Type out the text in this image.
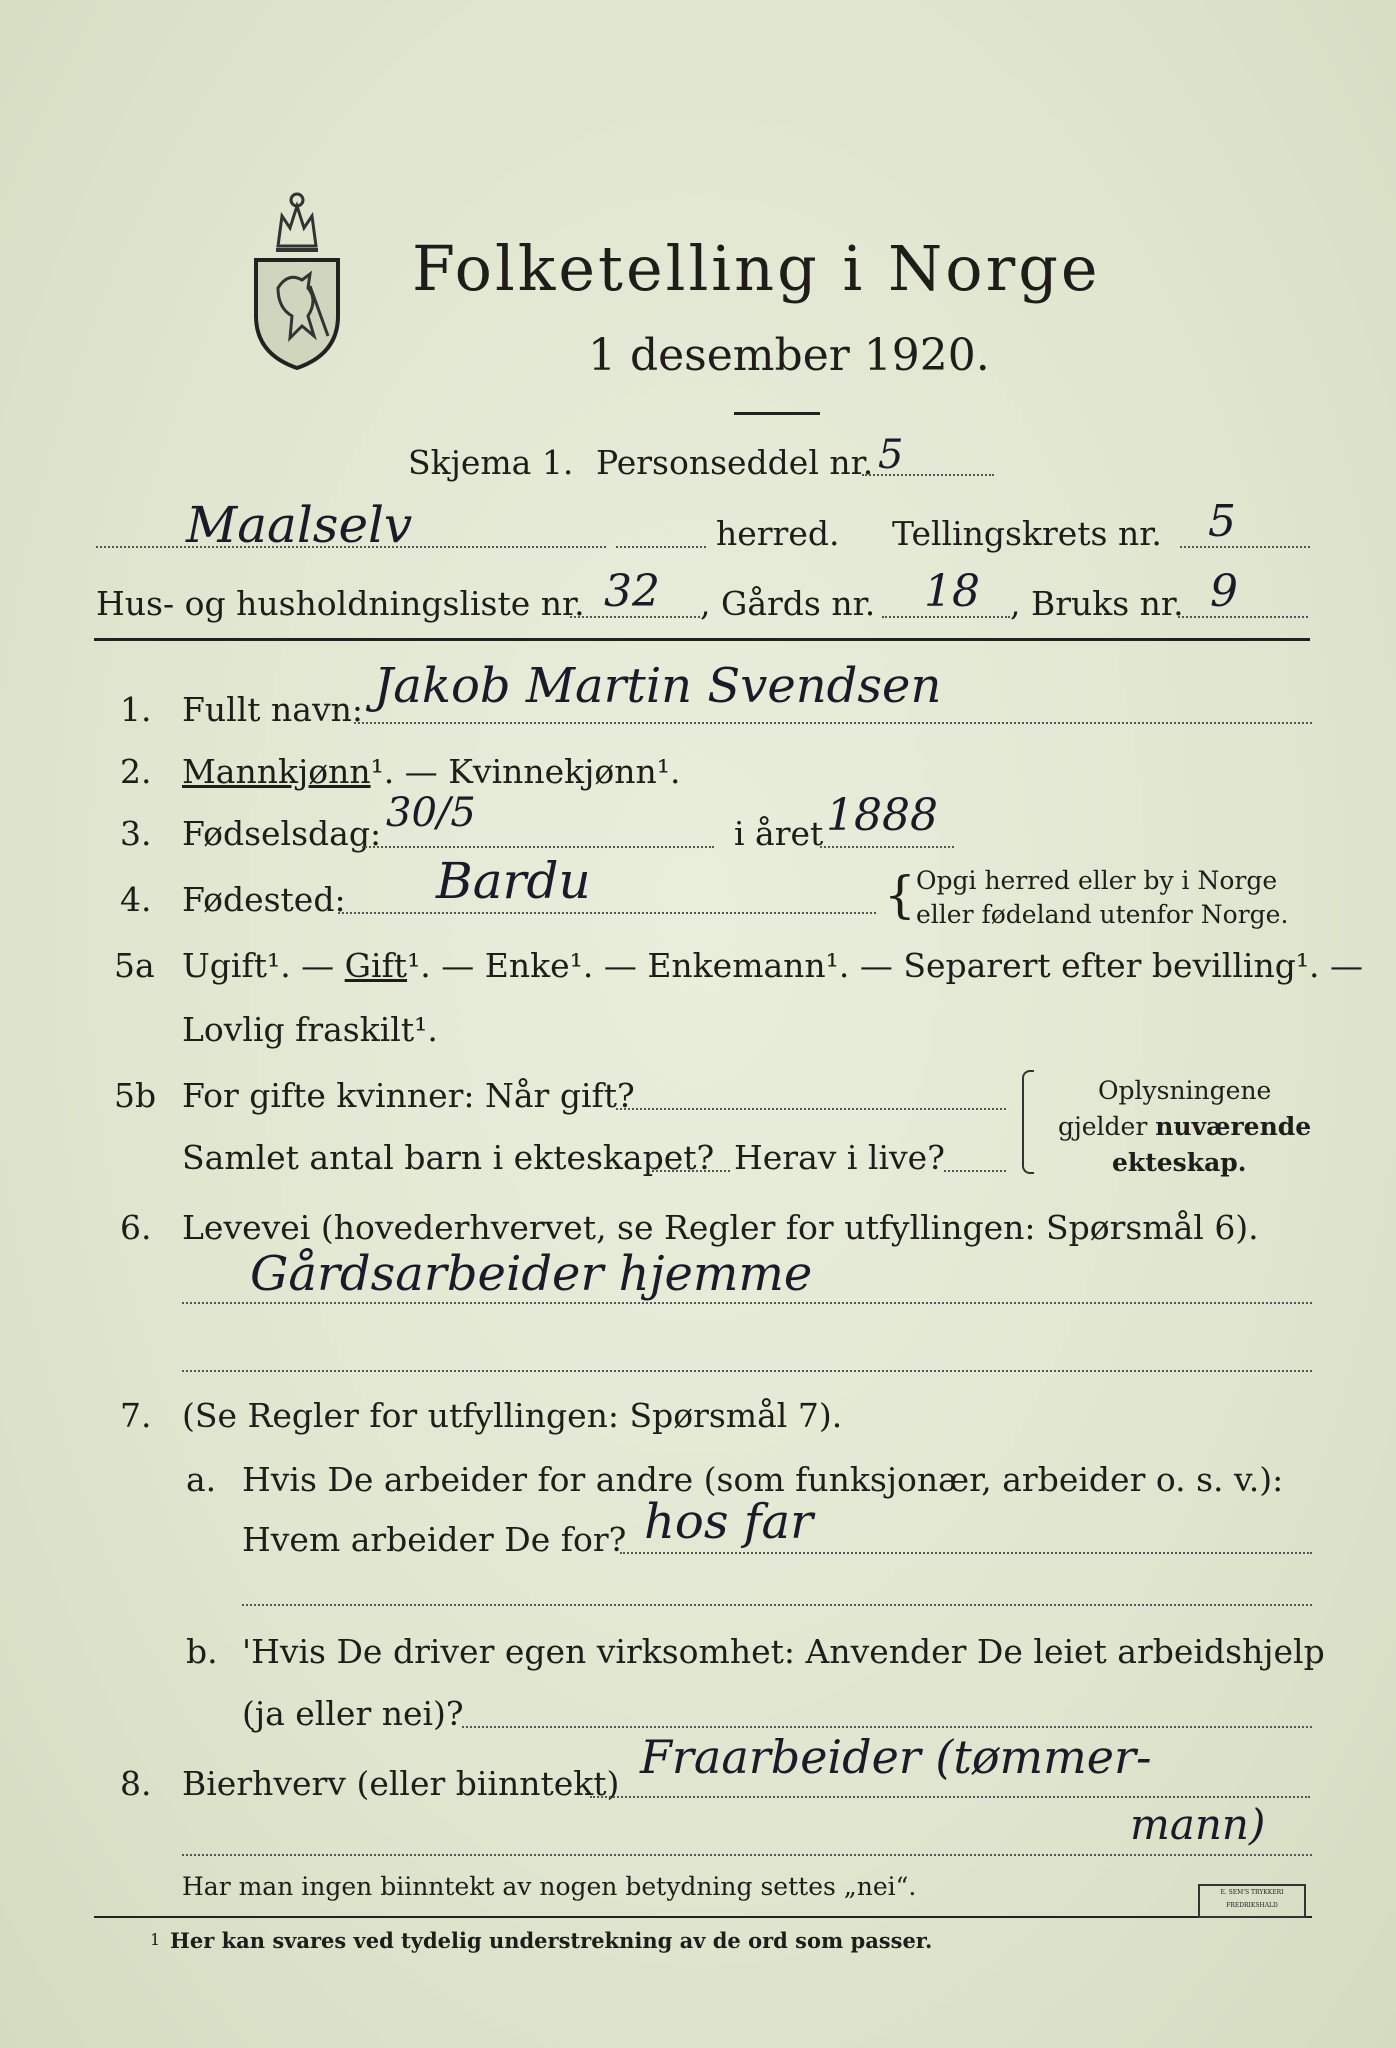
Folketelling i Norge
1 desember 1920.
Skjema 1. Personseddel nr. 5
Maalselv	herred. Tellingskrets nr. 5
Hus- og husholdningsliste nr. 32 , Gårds nr. 18 , Bruks nr. 9
1. Fullt navn: Jakob Martin Svendsen
2. Mannkjønn¹. — Kvinnekjønn¹.
3. Fødselsdag: 30/5	i året 1888
4. Fødested: Bardu	{ Opgi herred eller by i Norge
eller fødeland utenfor Norge.
5a Ugift¹. — Gift¹. — Enke¹. — Enkemann¹. — Separert efter bevilling¹. —
Lovlig fraskilt¹.
5b For gifte kvinner: Når gift?
Samlet antal barn i ekteskapet? Herav i live?
Oplysningene
gjelder nuværende
ekteskap.
6. Levevei (hovederhvervet, se Regler for utfyllingen: Spørsmål 6).
Gårdsarbeider hjemme
7. (Se Regler for utfyllingen: Spørsmål 7).
a. Hvis De arbeider for andre (som funksjonær, arbeider o. s. v.):
Hvem arbeider De for? hos far
b. 'Hvis De driver egen virksomhet: Anvender De leiet arbeidshjelp
(ja eller nei)?
8. Bierhverv (eller biinntekt) Fraarbeider (tømmer-
mann)
Har man ingen biinntekt av nogen betydning settes „nei“.
1 Her kan svares ved tydelig understrekning av de ord som passer.
E. SEM'S TRYKKERI FREDRIKSHALD
